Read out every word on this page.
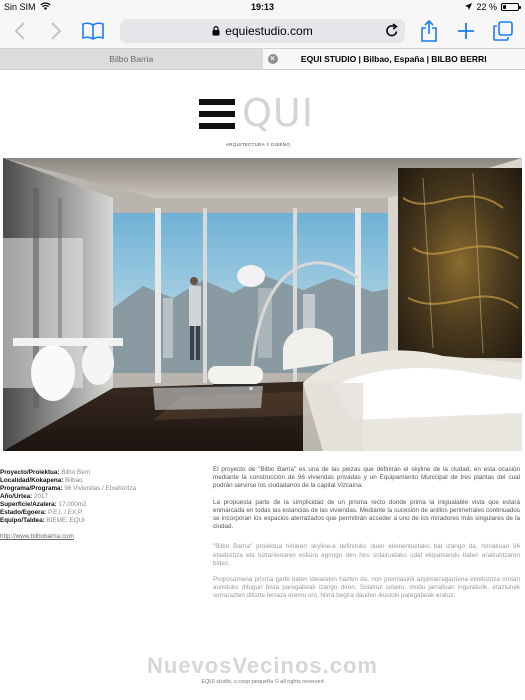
Sin SIM	19:13	22 %
equiestudio.com
Bilbo Barria	×	EQUI STUDIO | Bilbao, España | BILBO BERRI
QUI
ARQUITECTURA Y DISEÑO
Proyecto/Proiektua: Bilbo Berri
Localidad/Kokapena: Bilbao
Programa/Programa: 96 Viviendas / Etxebizitza
Año/Urtea: 2017
Superficie/Azalera: 17.000m2
Estado/Egoera: P.E.I. / EX.P.
Equipo/Taldea: BIEME, EQUI
http://www.bilbobarria.com

El proyecto de "Bilbo Barria" es una de las piezas que definirán el skyline de la ciudad, en esta ocasión mediante la construcción de 96 viviendas privadas y un Equipamiento Municipal de tres plantas del cual podrán servirse los ciudadanos de la capital Vizcaína.

La propuesta parte de la simplicidad de un prisma recto donde prima la inigualable vista que estará enmarcada en todas las estancias de las viviendas. Mediante la sucesión de anillos perimetrales continuados se incorporan los espacios aterrazados que permitirán acceder a uno de los miradores más singulares de la ciudad.

"Bilbo Barria" proiektua hiriaren skyline-a definituko duen elementuetako bat izango da, honakoan 96 etxebizitza eta biztanleriaren eskura egongo den hiru solairuetako udal ekipamendu baten eraikuntzaren bidez.

Proposamena prisma garbi baten ideiarekin hazten da, non premiasirik azpimarragarriena etxebizitza orotan aurkituko ditugun bista paregabeak izango diren. Solairuz solairu, modu jarraituan inguraturik, eraztunek sorrarazten dituzte terraza eremu oro, hiirra begira dauden ikustoki paregabeak eratuz.

NuevosVecinos.com
EQUI studio, s.coop pequeña © all rights reserved
